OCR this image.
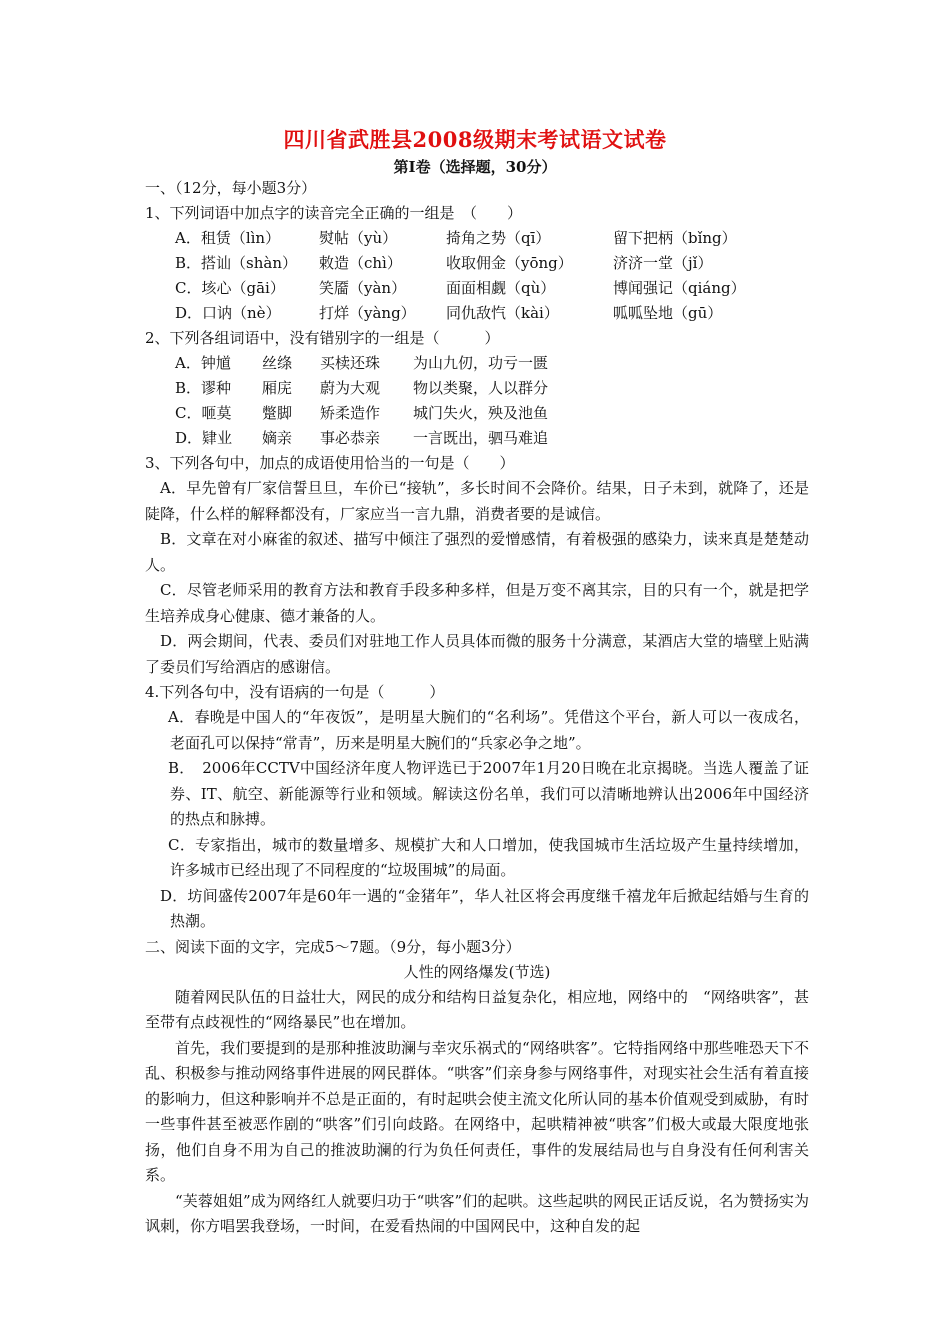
四川省武胜县2008级期末考试语文试卷
第Ⅰ卷（选择题，30分）
一、（12分，每小题3分）
1、下列词语中加点字的读音完全正确的一组是　（　　）
A．租赁（lìn）	熨帖（yù）	掎角之势（qī）	留下把柄（bǐng）
B．搭讪（shàn） 敕造（chì）	收取佣金（yōng）	济济一堂（jǐ）
C．垓心（gāi） 笑靥（yàn）	面面相觑（qù）	博闻强记（qiáng）
D．口讷（nè）	打烊（yàng） 同仇敌忾（kài）	呱呱坠地（gū）
2、下列各组词语中，没有错别字的一组是（　　　）
A．钟馗 丝绦 买椟还珠 为山九仞，功亏一匮
B．谬种 厢庑 蔚为大观 物以类聚，人以群分
C．咂莫 蹩脚 矫柔造作 城门失火，殃及池鱼
D．肄业 嫡亲 事必恭亲 一言既出，驷马难追
3、下列各句中，加点的成语使用恰当的一句是（　　）
A．早先曾有厂家信誓旦旦，车价已“接轨”，多长时间不会降价。结果，日子未到，就降了，还是陡降，什么样的解释都没有，厂家应当一言九鼎，消费者要的是诚信。
B．文章在对小麻雀的叙述、描写中倾注了强烈的爱憎感情，有着极强的感染力，读来真是楚楚动人。
C．尽管老师采用的教育方法和教育手段多种多样，但是万变不离其宗，目的只有一个，就是把学生培养成身心健康、德才兼备的人。
D．两会期间，代表、委员们对驻地工作人员具体而微的服务十分满意，某酒店大堂的墙壁上贴满了委员们写给酒店的感谢信。
4.下列各句中，没有语病的一句是（　　　）
A．春晚是中国人的“年夜饭”，是明星大腕们的“名利场”。凭借这个平台，新人可以一夜成名，老面孔可以保持“常青”，历来是明星大腕们的“兵家必争之地”。
B．　2006年CCTV中国经济年度人物评选已于2007年1月20日晚在北京揭晓。当选人覆盖了证券、IT、航空、新能源等行业和领域。解读这份名单，我们可以清晰地辨认出2006年中国经济的热点和脉搏。
C．专家指出，城市的数量增多、规模扩大和人口增加，使我国城市生活垃圾产生量持续增加，许多城市已经出现了不同程度的“垃圾围城”的局面。
D．坊间盛传2007年是60年一遇的“金猪年”，华人社区将会再度继千禧龙年后掀起结婚与生育的热潮。
二、阅读下面的文字，完成5～7题。（9分，每小题3分）
人性的网络爆发(节选)
随着网民队伍的日益壮大，网民的成分和结构日益复杂化，相应地，网络中的　“网络哄客”，甚至带有点歧视性的“网络暴民”也在增加。
首先，我们要提到的是那种推波助澜与幸灾乐祸式的“网络哄客”。它特指网络中那些唯恐天下不乱、积极参与推动网络事件进展的网民群体。“哄客”们亲身参与网络事件，对现实社会生活有着直接的影响力，但这种影响并不总是正面的，有时起哄会使主流文化所认同的基本价值观受到威胁，有时一些事件甚至被恶作剧的“哄客”们引向歧路。在网络中，起哄精神被“哄客”们极大或最大限度地张扬，他们自身不用为自己的推波助澜的行为负任何责任，事件的发展结局也与自身没有任何利害关系。
“芙蓉姐姐”成为网络红人就要归功于“哄客”们的起哄。这些起哄的网民正话反说，名为赞扬实为讽刺，你方唱罢我登场，一时间，在爱看热闹的中国网民中，这种自发的起
